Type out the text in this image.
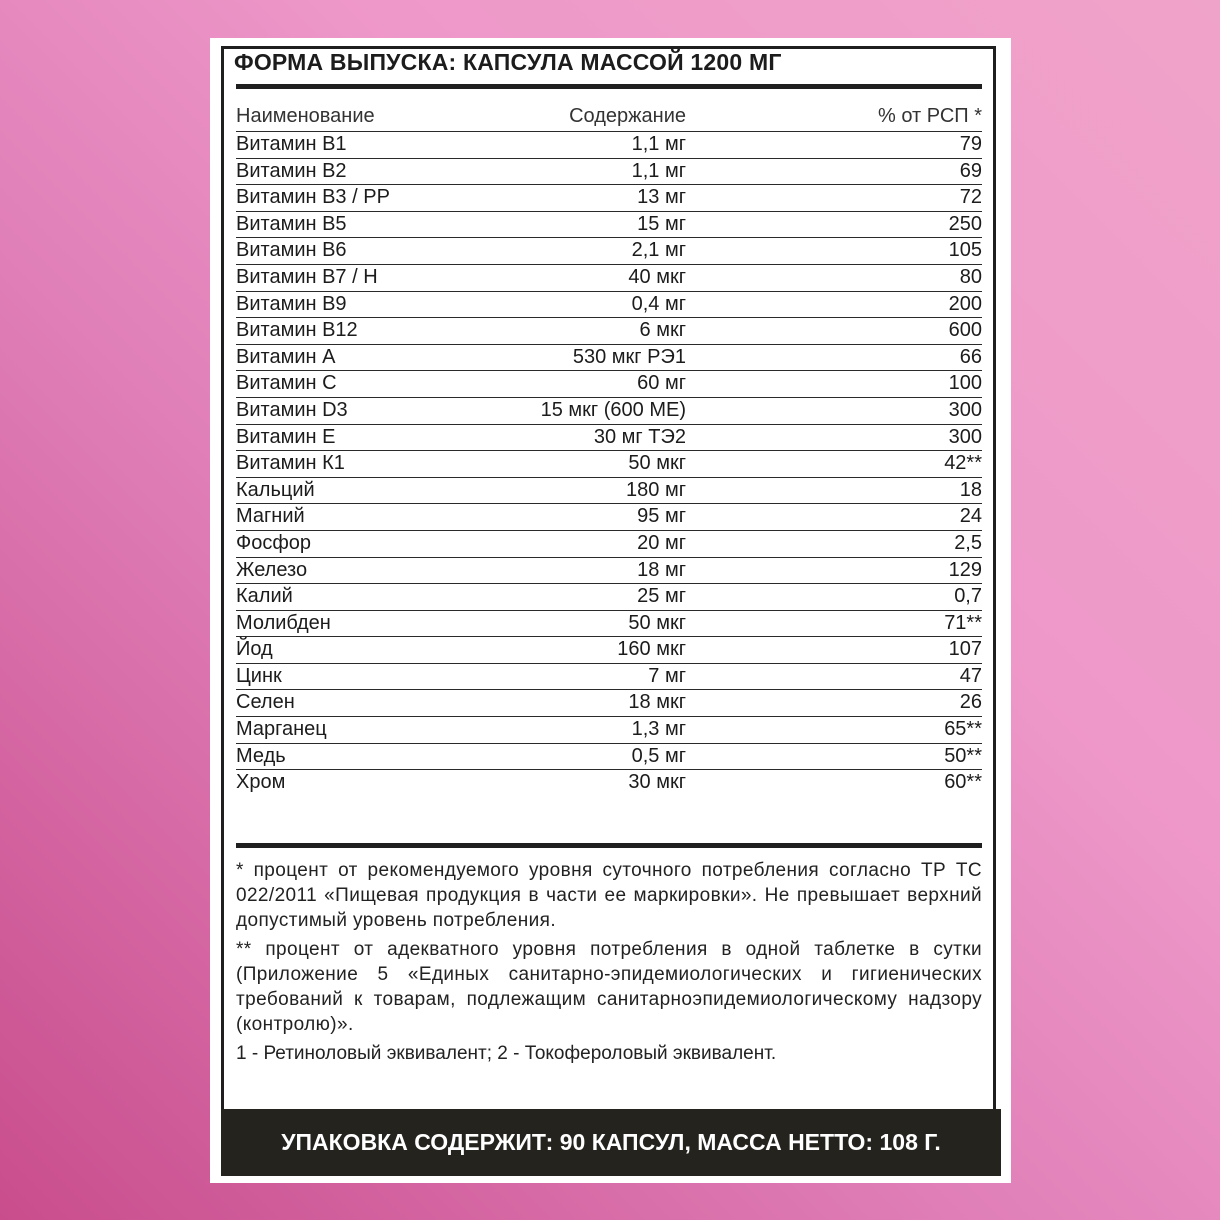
ФОРМА ВЫПУСКА: КАПСУЛА МАССОЙ 1200 МГ
Наименование	Содержание	% от РСП *
Витамин В1	1,1 мг	79
Витамин В2	1,1 мг	69
Витамин В3 / РР	13 мг	72
Витамин В5	15 мг	250
Витамин В6	2,1 мг	105
Витамин В7 / Н	40 мкг	80
Витамин В9	0,4 мг	200
Витамин В12	6 мкг	600
Витамин А	530 мкг РЭ1	66
Витамин С	60 мг	100
Витамин D3	15 мкг (600 МЕ)	300
Витамин Е	30 мг ТЭ2	300
Витамин К1	50 мкг	42**
Кальций	180 мг	18
Магний	95 мг	24
Фосфор	20 мг	2,5
Железо	18 мг	129
Калий	25 мг	0,7
Молибден	50 мкг	71**
Йод	160 мкг	107
Цинк	7 мг	47
Селен	18 мкг	26
Марганец	1,3 мг	65**
Медь	0,5 мг	50**
Хром	30 мкг	60**

* процент от рекомендуемого уровня суточного потребления согласно ТР ТС 022/2011 «Пищевая продукция в части ее маркировки». Не превышает верхний допустимый уровень потребления.

** процент от адекватного уровня потребления в одной таблетке в сутки (Приложение 5 «Единых санитарно-эпидемиологических и гигиенических требований к товарам, подлежащим санитарноэпидемиологическому надзору (контролю)».

1 - Ретиноловый эквивалент; 2 - Токофероловый эквивалент.

УПАКОВКА СОДЕРЖИТ: 90 КАПСУЛ, МАССА НЕТТО: 108 Г.
